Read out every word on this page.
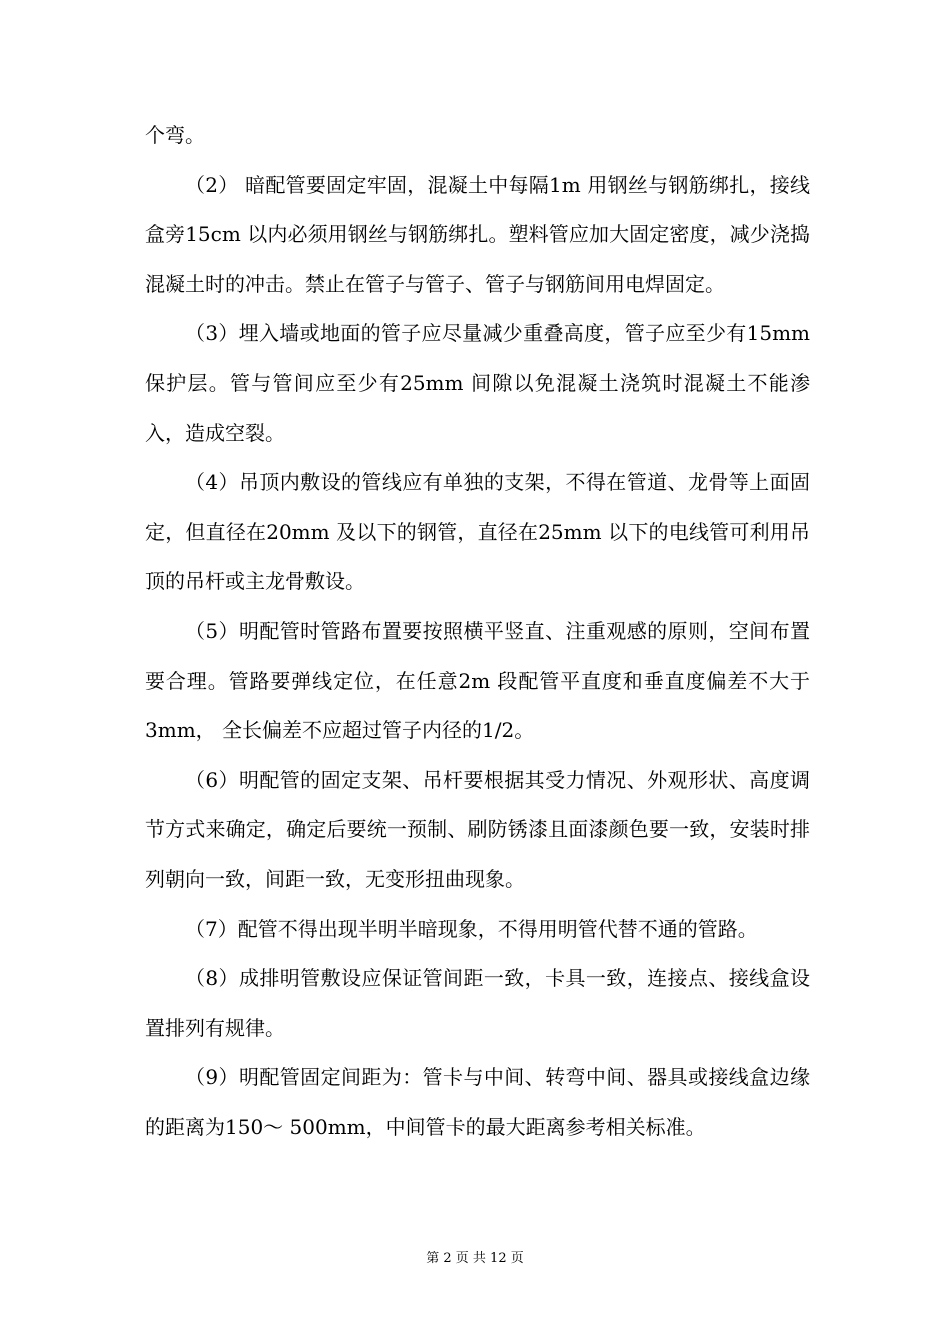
个弯。

（2） 暗配管要固定牢固，混凝土中每隔1m 用钢丝与钢筋绑扎，接线盒旁15cm 以内必须用钢丝与钢筋绑扎。塑料管应加大固定密度，减少浇捣混凝土时的冲击。禁止在管子与管子、管子与钢筋间用电焊固定。

（3）埋入墙或地面的管子应尽量减少重叠高度，管子应至少有15mm 保护层。管与管间应至少有25mm 间隙以免混凝土浇筑时混凝土不能渗入，造成空裂。

（4）吊顶内敷设的管线应有单独的支架，不得在管道、龙骨等上面固定，但直径在20mm 及以下的钢管，直径在25mm 以下的电线管可利用吊顶的吊杆或主龙骨敷设。

（5）明配管时管路布置要按照横平竖直、注重观感的原则，空间布置要合理。管路要弹线定位，在任意2m 段配管平直度和垂直度偏差不大于3mm， 全长偏差不应超过管子内径的1/2。

（6）明配管的固定支架、吊杆要根据其受力情况、外观形状、高度调节方式来确定，确定后要统一预制、刷防锈漆且面漆颜色要一致，安装时排列朝向一致，间距一致，无变形扭曲现象。

（7）配管不得出现半明半暗现象，不得用明管代替不通的管路。

（8）成排明管敷设应保证管间距一致，卡具一致，连接点、接线盒设置排列有规律。

（9）明配管固定间距为：管卡与中间、转弯中间、器具或接线盒边缘的距离为150～ 500mm，中间管卡的最大距离参考相关标准。

第 2 页 共 12 页
